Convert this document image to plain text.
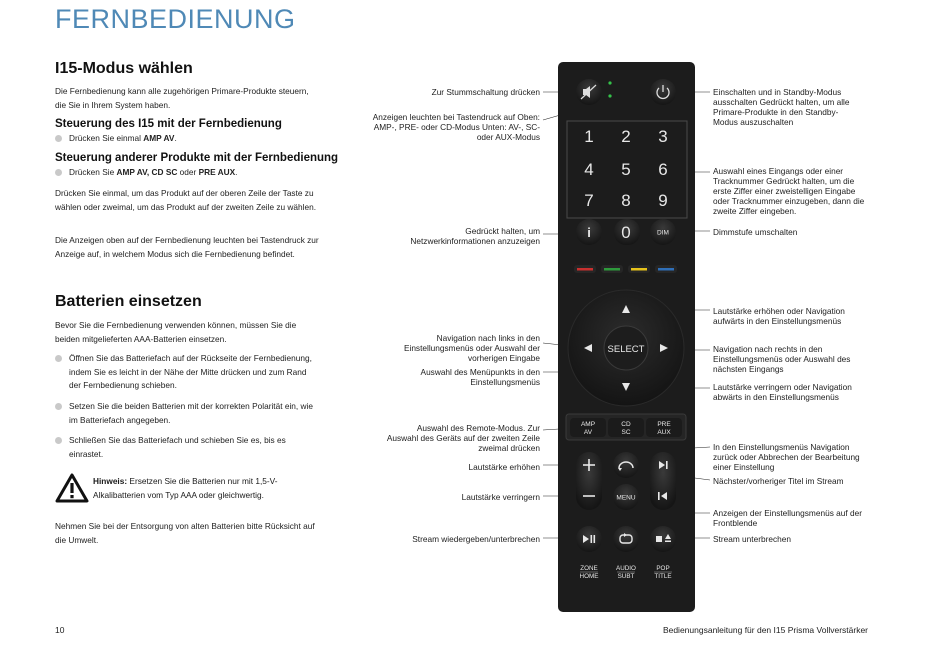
FERNBEDIENUNG
I15-Modus wählen
Die Fernbedienung kann alle zugehörigen Primare-Produkte steuern, die Sie in Ihrem System haben.
Steuerung des I15 mit der Fernbedienung
Drücken Sie einmal AMP AV.
Steuerung anderer Produkte mit der Fernbedienung
Drücken Sie AMP AV, CD SC oder PRE AUX.
Drücken Sie einmal, um das Produkt auf der oberen Zeile der Taste zu wählen oder zweimal, um das Produkt auf der zweiten Zeile zu wählen.
Die Anzeigen oben auf der Fernbedienung leuchten bei Tastendruck zur Anzeige auf, in welchem Modus sich die Fernbedienung befindet.
Batterien einsetzen
Bevor Sie die Fernbedienung verwenden können, müssen Sie die beiden mitgelieferten AAA-Batterien einsetzen.
Öffnen Sie das Batteriefach auf der Rückseite der Fernbedienung, indem Sie es leicht in der Nähe der Mitte drücken und zum Rand der Fernbedienung schieben.
Setzen Sie die beiden Batterien mit der korrekten Polarität ein, wie im Batteriefach angegeben.
Schließen Sie das Batteriefach und schieben Sie es, bis es einrastet.
Hinweis: Ersetzen Sie die Batterien nur mit 1,5-V-Alkalibatterien vom Typ AAA oder gleichwertig.
Nehmen Sie bei der Entsorgung von alten Batterien bitte Rücksicht auf die Umwelt.
Zur Stummschaltung drücken
Anzeigen leuchten bei Tastendruck auf Oben: AMP-, PRE- oder CD-Modus Unten: AV-, SC- oder AUX-Modus
Gedrückt halten, um Netzwerkinformationen anzuzeigen
Navigation nach links in den Einstellungsmenüs oder Auswahl der vorherigen Eingabe
Auswahl des Menüpunkts in den Einstellungsmenüs
Auswahl des Remote-Modus. Zur Auswahl des Geräts auf der zweiten Zeile zweimal drücken
Lautstärke erhöhen
Lautstärke verringern
Stream wiedergeben/unterbrechen
Einschalten und in Standby-Modus ausschalten Gedrückt halten, um alle Primare-Produkte in den Standby-Modus auszuschalten
Auswahl eines Eingangs oder einer Tracknummer Gedrückt halten, um die erste Ziffer einer zweistelligen Eingabe oder Tracknummer einzugeben, dann die zweite Ziffer eingeben.
Dimmstufe umschalten
Lautstärke erhöhen oder Navigation aufwärts in den Einstellungsmenüs
Navigation nach rechts in den Einstellungsmenüs oder Auswahl des nächsten Eingangs
Lautstärke verringern oder Navigation abwärts in den Einstellungsmenüs
In den Einstellungsmenüs Navigation zurück oder Abbrechen der Bearbeitung einer Einstellung
Nächster/vorheriger Titel im Stream
Anzeigen der Einstellungsmenüs auf der Frontblende
Stream unterbrechen
1 2 3
4 5 6
7 8 9
i 0	DIM
SELECT
AMP
AV
CD
SC
PRE
AUX
MENU
ZONE
HOME
AUDIO
SUBT
POP
TITLE
10	Bedienungsanleitung für den I15 Prisma Vollverstärker
